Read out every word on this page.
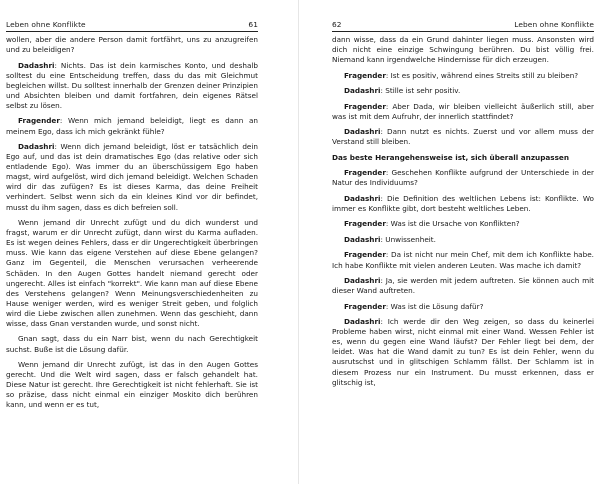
Leben ohne Konflikte	61

wollen, aber die andere Person damit fortfährt, uns zu anzugreifen und zu beleidigen?

Dadashri: Nichts. Das ist dein karmisches Konto, und deshalb solltest du eine Entscheidung treffen, dass du das mit Gleichmut begleichen willst. Du solltest innerhalb der Grenzen deiner Prinzipien und Absichten bleiben und damit fortfahren, dein eigenes Rätsel selbst zu lösen.

Fragender: Wenn mich jemand beleidigt, liegt es dann an meinem Ego, dass ich mich gekränkt fühle?

Dadashri: Wenn dich jemand beleidigt, löst er tatsächlich dein Ego auf, und das ist dein dramatisches Ego (das relative oder sich entladende Ego). Was immer du an überschüssigem Ego haben magst, wird aufgelöst, wird dich jemand beleidigt. Welchen Schaden wird dir das zufügen? Es ist dieses Karma, das deine Freiheit verhindert. Selbst wenn sich da ein kleines Kind vor dir befindet, musst du ihm sagen, dass es dich befreien soll.

Wenn jemand dir Unrecht zufügt und du dich wunderst und fragst, warum er dir Unrecht zufügt, dann wirst du Karma aufladen. Es ist wegen deines Fehlers, dass er dir Ungerechtigkeit überbringen muss. Wie kann das eigene Verstehen auf diese Ebene gelangen? Ganz im Gegenteil, die Menschen verursachen verheerende Schäden. In den Augen Gottes handelt niemand gerecht oder ungerecht. Alles ist einfach "korrekt". Wie kann man auf diese Ebene des Verstehens gelangen? Wenn Meinungsverschiedenheiten zu Hause weniger werden, wird es weniger Streit geben, und folglich wird die Liebe zwischen allen zunehmen. Wenn das geschieht, dann wisse, dass Gnan verstanden wurde, und sonst nicht.

Gnan sagt, dass du ein Narr bist, wenn du nach Gerechtigkeit suchst. Buße ist die Lösung dafür.

Wenn jemand dir Unrecht zufügt, ist das in den Augen Gottes gerecht. Und die Welt wird sagen, dass er falsch gehandelt hat. Diese Natur ist gerecht. Ihre Gerechtigkeit ist nicht fehlerhaft. Sie ist so präzise, dass nicht einmal ein einziger Moskito dich berühren kann, und wenn er es tut,

62	Leben ohne Konflikte

dann wisse, dass da ein Grund dahinter liegen muss. Ansonsten wird dich nicht eine einzige Schwingung berühren. Du bist völlig frei. Niemand kann irgendwelche Hindernisse für dich erzeugen.

Fragender: Ist es positiv, während eines Streits still zu bleiben?

Dadashri: Stille ist sehr positiv.

Fragender: Aber Dada, wir bleiben vielleicht äußerlich still, aber was ist mit dem Aufruhr, der innerlich stattfindet?

Dadashri: Dann nutzt es nichts. Zuerst und vor allem muss der Verstand still bleiben.

Das beste Herangehensweise ist, sich überall anzupassen

Fragender: Geschehen Konflikte aufgrund der Unterschiede in der Natur des Individuums?

Dadashri: Die Definition des weltlichen Lebens ist: Konflikte. Wo immer es Konflikte gibt, dort besteht weltliches Leben.

Fragender: Was ist die Ursache von Konflikten?

Dadashri: Unwissenheit.

Fragender: Da ist nicht nur mein Chef, mit dem ich Konflikte habe. Ich habe Konflikte mit vielen anderen Leuten. Was mache ich damit?

Dadashri: Ja, sie werden mit jedem auftreten. Sie können auch mit dieser Wand auftreten.

Fragender: Was ist die Lösung dafür?

Dadashri: Ich werde dir den Weg zeigen, so dass du keinerlei Probleme haben wirst, nicht einmal mit einer Wand. Wessen Fehler ist es, wenn du gegen eine Wand läufst? Der Fehler liegt bei dem, der leidet. Was hat die Wand damit zu tun? Es ist dein Fehler, wenn du ausrutschst und in glitschigen Schlamm fällst. Der Schlamm ist in diesem Prozess nur ein Instrument. Du musst erkennen, dass er glitschig ist,
